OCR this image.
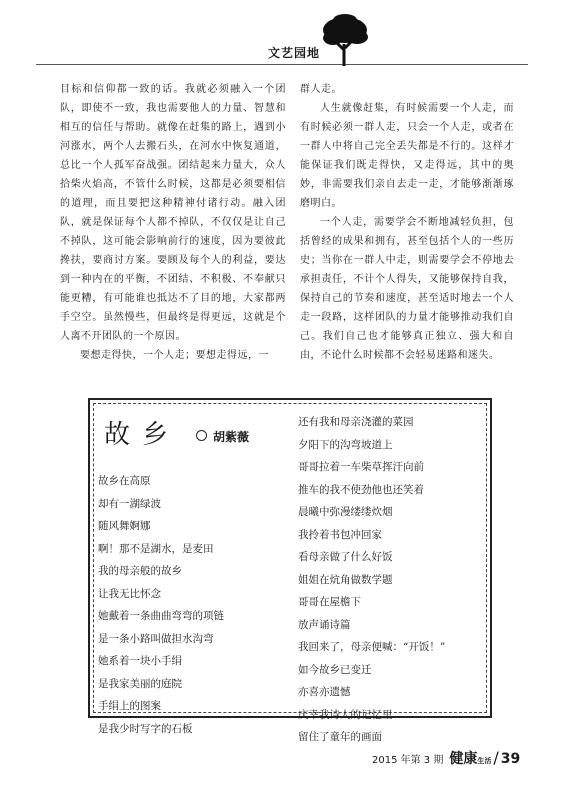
文艺园地

目标和信仰都一致的话。我就必须融入一个团队，即使不一致，我也需要他人的力量、智慧和相互的信任与帮助。就像在赶集的路上，遇到小河涨水，两个人去搬石头，在河水中恢复通道，总比一个人孤军奋战强。团结起来力量大，众人拾柴火焰高，不管什么时候，这都是必须要相信的道理，而且要把这种精神付诸行动。融入团队，就是保证每个人都不掉队，不仅仅是让自己不掉队，这可能会影响前行的速度，因为要彼此搀扶，要商讨方案。要顾及每个人的利益，要达到一种内在的平衡，不团结、不积极、不奉献只能更糟，有可能谁也抵达不了目的地，大家都两手空空。虽然慢些，但最终是得更远，这就是个人离不开团队的一个原因。

要想走得快，一个人走；要想走得远，一

群人走。

人生就像赶集，有时候需要一个人走，而有时候必须一群人走，只会一个人走，或者在一群人中将自己完全丢失都是不行的。这样才能保证我们既走得快，又走得远，其中的奥妙，非需要我们亲自去走一走，才能够渐渐琢磨明白。

一个人走，需要学会不断地减轻负担，包括曾经的成果和拥有，甚至包括个人的一些历史；当你在一群人中走，则需要学会不停地去承担责任，不计个人得失，又能够保持自我，保持自己的节奏和速度，甚至适时地去一个人走一段路，这样团队的力量才能够推动我们自己。我们自己也才能够真正独立、强大和自由，不论什么时候都不会轻易迷路和迷失。

故乡	胡紫薇
故乡在高原
却有一湖绿波
随风舞婀娜
啊！那不是湖水，是麦田
我的母亲般的故乡
让我无比怀念
她戴着一条曲曲弯弯的项链
是一条小路叫做担水沟弯
她系着一块小手绢
是我家美丽的庭院
手绢上的图案
是我少时写字的石板
还有我和母亲浇灌的菜园
夕阳下的沟弯坡道上
哥哥拉着一车柴草挥汗向前
推车的我不使劲他也还笑着
晨曦中弥漫缕缕炊烟
我拎着书包冲回家
看母亲做了什么好饭
姐姐在炕角做数学题
哥哥在屋檐下
放声诵诗篇
我回来了，母亲便喊：“开饭！”
如今故乡已变迁
亦喜亦遗憾
庆幸我诗人的记忆里
留住了童年的画面
2015 年第 3 期 健康 生活 / 39
